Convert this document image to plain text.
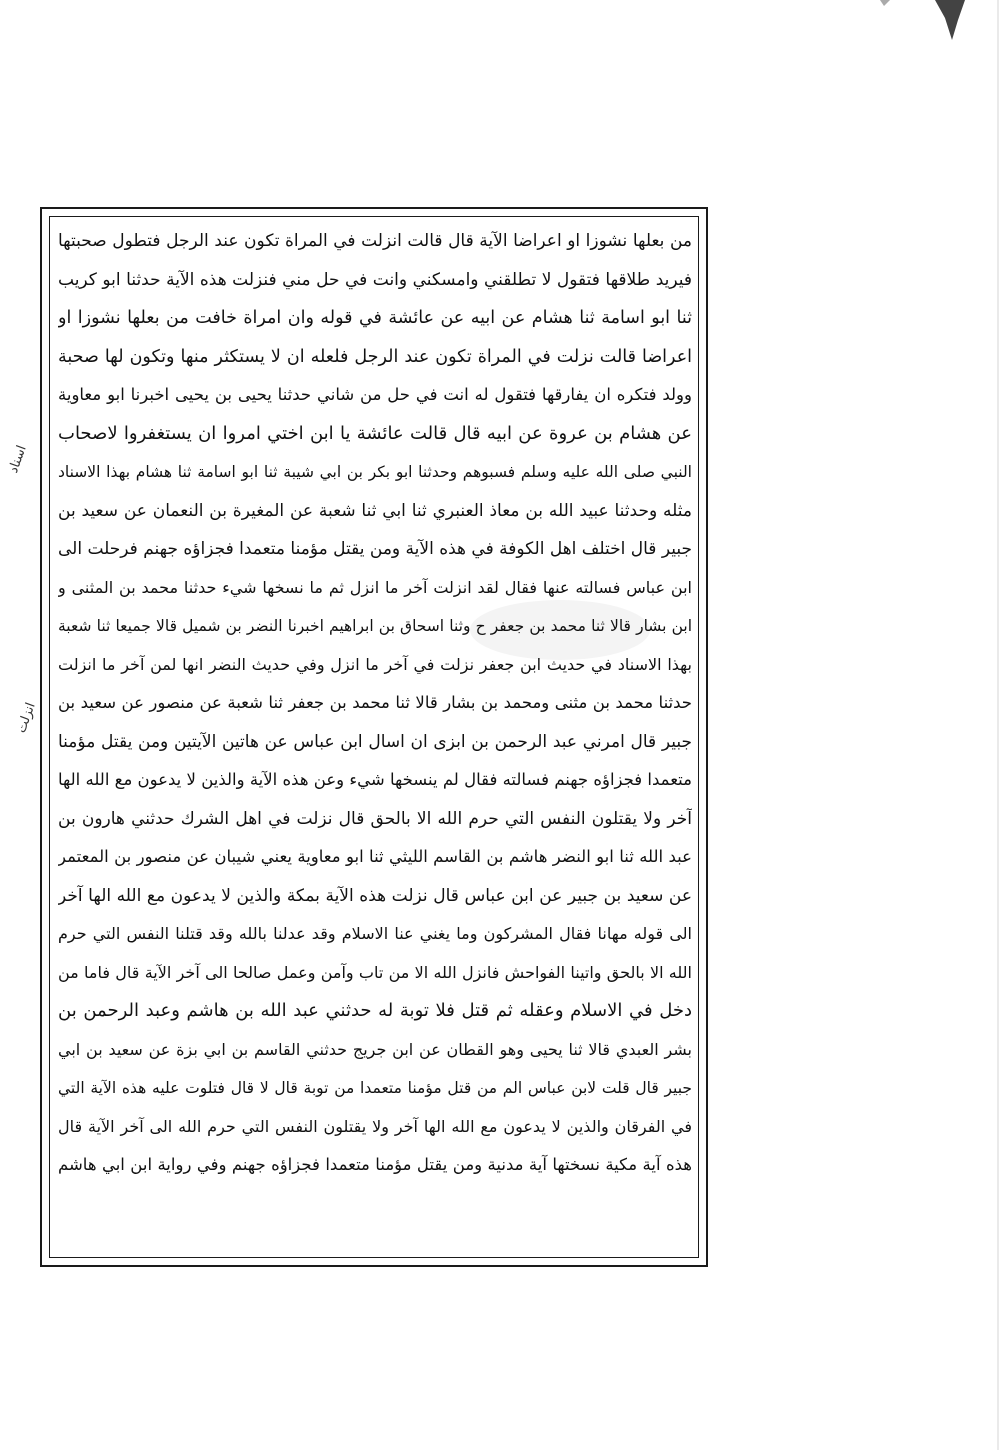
من بعلها نشوزا او اعراضا الآية قال قالت انزلت في المراة تكون عند الرجل فتطول صحبتها
فيريد طلاقها فتقول لا تطلقني وامسكني وانت في حل مني فنزلت هذه الآية حدثنا ابو كريب
ثنا ابو اسامة ثنا هشام عن ابيه عن عائشة في قوله وان امراة خافت من بعلها نشوزا او
اعراضا قالت نزلت في المراة تكون عند الرجل فلعله ان لا يستكثر منها وتكون لها صحبة
وولد فتكره ان يفارقها فتقول له انت في حل من شاني حدثنا يحيى بن يحيى اخبرنا ابو معاوية
عن هشام بن عروة عن ابيه قال قالت عائشة يا ابن اختي امروا ان يستغفروا لاصحاب
النبي صلى الله عليه وسلم فسبوهم وحدثنا ابو بكر بن ابي شيبة ثنا ابو اسامة ثنا هشام بهذا الاسناد
مثله وحدثنا عبيد الله بن معاذ العنبري ثنا ابي ثنا شعبة عن المغيرة بن النعمان عن سعيد بن
جبير قال اختلف اهل الكوفة في هذه الآية ومن يقتل مؤمنا متعمدا فجزاؤه جهنم فرحلت الى
ابن عباس فسالته عنها فقال لقد انزلت آخر ما انزل ثم ما نسخها شيء حدثنا محمد بن المثنى و
ابن بشار قالا ثنا محمد بن جعفر ح وثنا اسحاق بن ابراهيم اخبرنا النضر بن شميل قالا جميعا ثنا شعبة
بهذا الاسناد في حديث ابن جعفر نزلت في آخر ما انزل وفي حديث النضر انها لمن آخر ما انزلت
حدثنا محمد بن مثنى ومحمد بن بشار قالا ثنا محمد بن جعفر ثنا شعبة عن منصور عن سعيد بن
جبير قال امرني عبد الرحمن بن ابزى ان اسال ابن عباس عن هاتين الآيتين ومن يقتل مؤمنا
متعمدا فجزاؤه جهنم فسالته فقال لم ينسخها شيء وعن هذه الآية والذين لا يدعون مع الله الها
آخر ولا يقتلون النفس التي حرم الله الا بالحق قال نزلت في اهل الشرك حدثني هارون بن
عبد الله ثنا ابو النضر هاشم بن القاسم الليثي ثنا ابو معاوية يعني شيبان عن منصور بن المعتمر
عن سعيد بن جبير عن ابن عباس قال نزلت هذه الآية بمكة والذين لا يدعون مع الله الها آخر
الى قوله مهانا فقال المشركون وما يغني عنا الاسلام وقد عدلنا بالله وقد قتلنا النفس التي حرم
الله الا بالحق واتينا الفواحش فانزل الله الا من تاب وآمن وعمل صالحا الى آخر الآية قال فاما من
دخل في الاسلام وعقله ثم قتل فلا توبة له حدثني عبد الله بن هاشم وعبد الرحمن بن
بشر العبدي قالا ثنا يحيى وهو القطان عن ابن جريج حدثني القاسم بن ابي بزة عن سعيد بن ابي
جبير قال قلت لابن عباس الم من قتل مؤمنا متعمدا من توبة قال لا قال فتلوت عليه هذه الآية التي
في الفرقان والذين لا يدعون مع الله الها آخر ولا يقتلون النفس التي حرم الله الى آخر الآية قال
هذه آية مكية نسختها آية مدنية ومن يقتل مؤمنا متعمدا فجزاؤه جهنم وفي رواية ابن ابي هاشم
اسناد
انزلت
